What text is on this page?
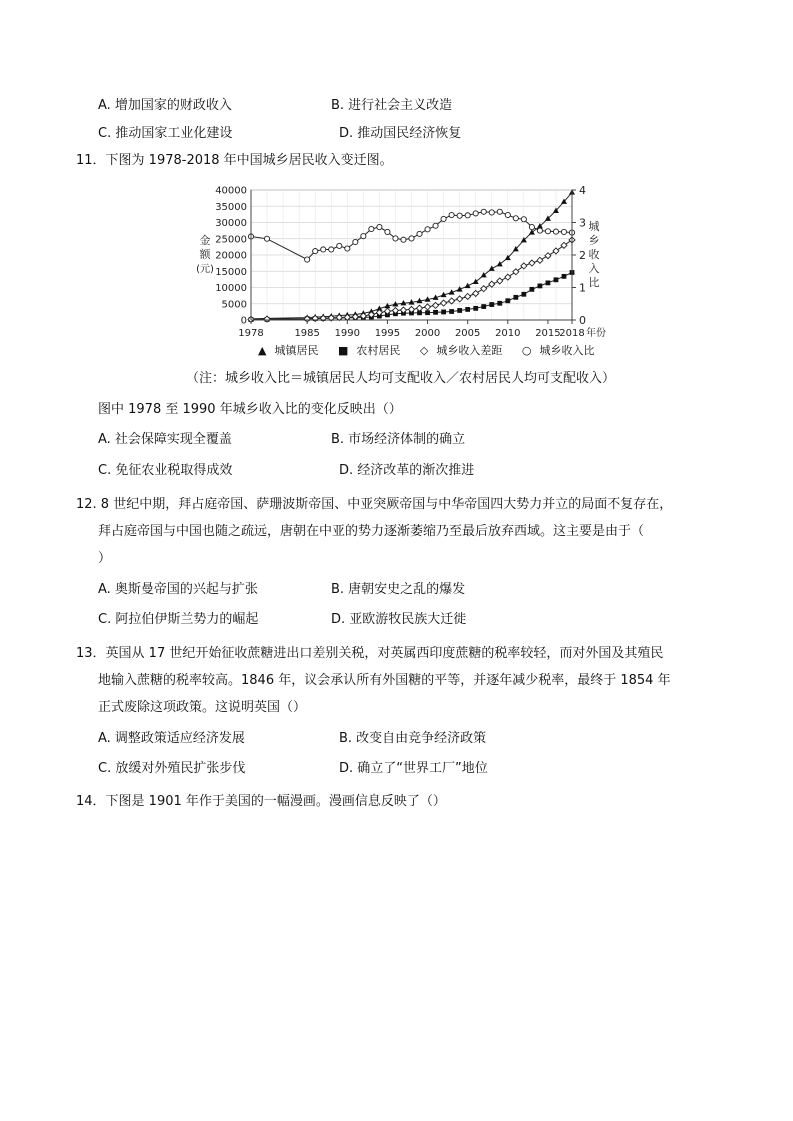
A. 增加国家的财政收入	B. 进行社会主义改造
C. 推动国家工业化建设	D. 推动国民经济恢复
11．下图为 1978-2018 年中国城乡居民收入变迁图。
0
5000
10000
15000
20000
25000
30000
35000
40000
0
1
2
3
4
1978	1985 1990 1995 2000 2005 2010 2015
2018 年份
金
额
(元)
城
乡
收
入
比
▲ 城镇居民 ■ 农村居民 ◇ 城乡收入差距 ○ 城乡收入比
（注：城乡收入比＝城镇居民人均可支配收入／农村居民人均可支配收入）
图中 1978 至 1990 年城乡收入比的变化反映出（）
A. 社会保障实现全覆盖	B. 市场经济体制的确立
C. 免征农业税取得成效	D. 经济改革的渐次推进
12. 8 世纪中期，拜占庭帝国、萨珊波斯帝国、中亚突厥帝国与中华帝国四大势力并立的局面不复存在，
拜占庭帝国与中国也随之疏远，唐朝在中亚的势力逐渐萎缩乃至最后放弃西域。这主要是由于（
）
A. 奥斯曼帝国的兴起与扩张	B. 唐朝安史之乱的爆发
C. 阿拉伯伊斯兰势力的崛起	D. 亚欧游牧民族大迁徙
13．英国从 17 世纪开始征收蔗糖进出口差别关税，对英属西印度蔗糖的税率较轻，而对外国及其殖民
地输入蔗糖的税率较高。1846 年，议会承认所有外国糖的平等，并逐年减少税率，最终于 1854 年
正式废除这项政策。这说明英国（）
A. 调整政策适应经济发展	B. 改变自由竞争经济政策
C. 放缓对外殖民扩张步伐	D. 确立了“世界工厂”地位
14．下图是 1901 年作于美国的一幅漫画。漫画信息反映了（）
